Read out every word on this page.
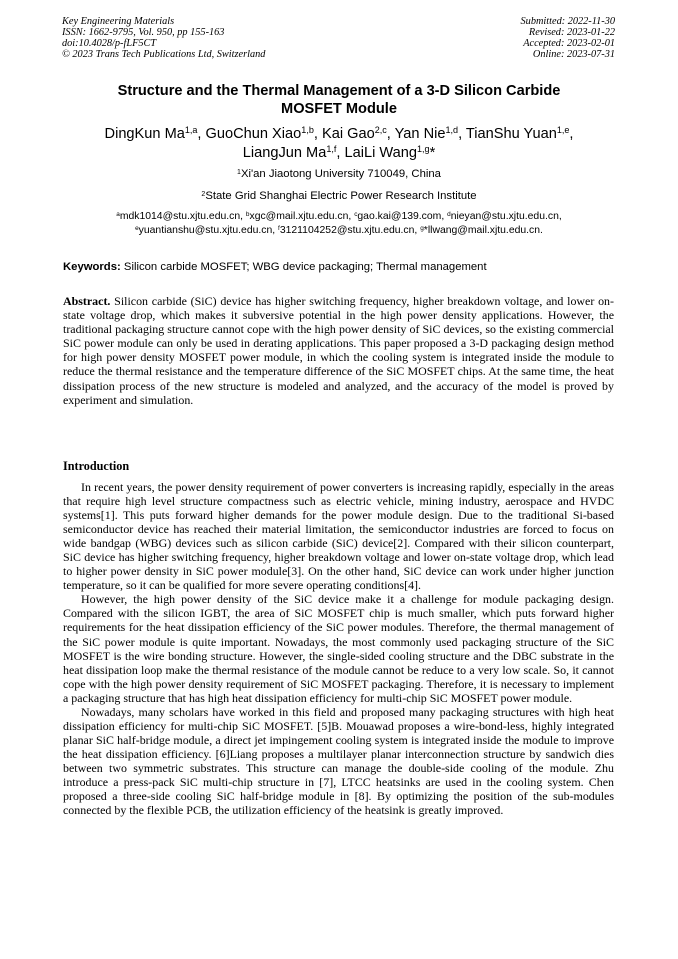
Key Engineering Materials
ISSN: 1662-9795, Vol. 950, pp 155-163
doi:10.4028/p-fLF5CT
© 2023 Trans Tech Publications Ltd, Switzerland
Submitted: 2022-11-30
Revised: 2023-01-22
Accepted: 2023-02-01
Online: 2023-07-31
Structure and the Thermal Management of a 3-D Silicon Carbide
MOSFET Module
DingKun Ma$^{1,a}$, GuoChun Xiao$^{1,b}$, Kai Gao$^{2,c}$, Yan Nie$^{1,d}$, TianShu Yuan$^{1,e}$,
LiangJun Ma$^{1,f}$, LaiLi Wang$^{1,g}$*
$^1$Xi'an Jiaotong University 710049, China
$^2$State Grid Shanghai Electric Power Research Institute
$^a$mdk1014@stu.xjtu.edu.cn, $^b$xgc@mail.xjtu.edu.cn, $^c$gao.kai@139.com, $^d$nieyan@stu.xjtu.edu.cn,
$^e$yuantianshu@stu.xjtu.edu.cn, $^f$3121104252@stu.xjtu.edu.cn, $^g$*llwang@mail.xjtu.edu.cn.
Keywords: Silicon carbide MOSFET; WBG device packaging; Thermal management

Abstract. Silicon carbide (SiC) device has higher switching frequency, higher breakdown voltage, and lower on-state voltage drop, which makes it subversive potential in the high power density applications. However, the traditional packaging structure cannot cope with the high power density of SiC devices, so the existing commercial SiC power module can only be used in derating applications. This paper proposed a 3-D packaging design method for high power density MOSFET power module, in which the cooling system is integrated inside the module to reduce the thermal resistance and the temperature difference of the SiC MOSFET chips. At the same time, the heat dissipation process of the new structure is modeled and analyzed, and the accuracy of the model is proved by experiment and simulation.

Introduction

In recent years, the power density requirement of power converters is increasing rapidly, especially in the areas that require high level structure compactness such as electric vehicle, mining industry, aerospace and HVDC systems[1]. This puts forward higher demands for the power module design. Due to the traditional Si-based semiconductor device has reached their material limitation, the semiconductor industries are forced to focus on wide bandgap (WBG) devices such as silicon carbide (SiC) device[2]. Compared with their silicon counterpart, SiC device has higher switching frequency, higher breakdown voltage and lower on-state voltage drop, which lead to higher power density in SiC power module[3]. On the other hand, SiC device can work under higher junction temperature, so it can be qualified for more severe operating conditions[4].

However, the high power density of the SiC device make it a challenge for module packaging design. Compared with the silicon IGBT, the area of SiC MOSFET chip is much smaller, which puts forward higher requirements for the heat dissipation efficiency of the SiC power modules. Therefore, the thermal management of the SiC power module is quite important. Nowadays, the most commonly used packaging structure of the SiC MOSFET is the wire bonding structure. However, the single-sided cooling structure and the DBC substrate in the heat dissipation loop make the thermal resistance of the module cannot be reduce to a very low scale. So, it cannot cope with the high power density requirement of SiC MOSFET packaging. Therefore, it is necessary to implement a packaging structure that has high heat dissipation efficiency for multi-chip SiC MOSFET power module.

Nowadays, many scholars have worked in this field and proposed many packaging structures with high heat dissipation efficiency for multi-chip SiC MOSFET. [5]B. Mouawad proposes a wire-bond-less, highly integrated planar SiC half-bridge module, a direct jet impingement cooling system is integrated inside the module to improve the heat dissipation efficiency. [6]Liang proposes a multilayer planar interconnection structure by sandwich dies between two symmetric substrates. This structure can manage the double-side cooling of the module. Zhu introduce a press-pack SiC multi-chip structure in [7], LTCC heatsinks are used in the cooling system. Chen proposed a three-side cooling SiC half-bridge module in [8]. By optimizing the position of the sub-modules connected by the flexible PCB, the utilization efficiency of the heatsink is greatly improved.
